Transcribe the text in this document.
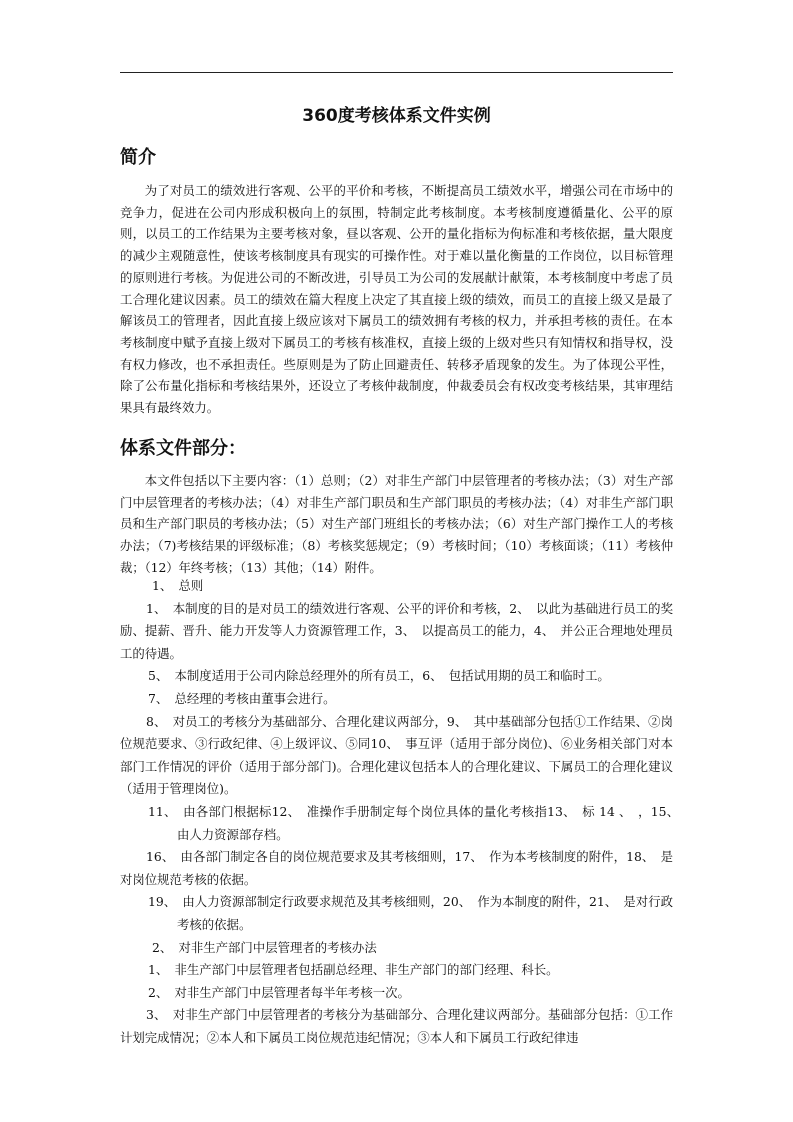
360度考核体系文件实例
简介

为了对员工的绩效进行客观、公平的平价和考核，不断提高员工绩效水平，增强公司在市场中的竞争力，促进在公司内形成积极向上的氛围，特制定此考核制度。本考核制度遵循量化、公平的原则，以员工的工作结果为主要考核对象，昼以客观、公开的量化指标为佝标准和考核依据，量大限度的减少主观随意性，使该考核制度具有现实的可操作性。对于难以量化衡量的工作岗位，以目标管理的原则进行考核。为促进公司的不断改进，引导员工为公司的发展献计献策，本考核制度中考虑了员工合理化建议因素。员工的绩效在篇大程度上决定了其直接上级的绩效，而员工的直接上级又是最了解该员工的管理者，因此直接上级应该对下属员工的绩效拥有考核的权力，并承担考核的责任。在本考核制度中赋予直接上级对下属员工的考核有核准权，直接上级的上级对些只有知情权和指导权，没有权力修改，也不承担责任。些原则是为了防止回避责任、转移矛盾现象的发生。为了体现公平性，除了公布量化指标和考核结果外，还设立了考核仲裁制度，仲裁委员会有权改变考核结果，其审理结果具有最终效力。

体系文件部分：

本文件包括以下主要内容：（1）总则；（2）对非生产部门中层管理者的考核办法；（3）对生产部门中层管理者的考核办法；（4）对非生产部门职员和生产部门职员的考核办法；（4）对非生产部门职员和生产部门职员的考核办法；（5）对生产部门班组长的考核办法；（6）对生产部门操作工人的考核办法；（7)考核结果的评级标准；（8）考核奖惩规定；（9）考核时间；（10）考核面谈；（11）考核仲裁；（12）年终考核；（13）其他；（14）附件。

1、　总则
1、　本制度的目的是对员工的绩效进行客观、公平的评价和考核，2、　以此为基础进行员工的奖励、提薪、晋升、能力开发等人力资源管理工作，3、　以提高员工的能力，4、　并公正合理地处理员工的待遇。
5、　本制度适用于公司内除总经理外的所有员工，6、　包括试用期的员工和临时工。
7、　总经理的考核由董事会进行。
8、　对员工的考核分为基础部分、合理化建议两部分，9、　其中基础部分包括①工作结果、②岗位规范要求、③行政纪律、④上级评议、⑤同10、　事互评（适用于部分岗位)、⑥业务相关部门对本部门工作情况的评价（适用于部分部门)。合理化建议包括本人的合理化建议、下属员工的合理化建议（适用于管理岗位)。
11、　由各部门根据标12、　准操作手册制定每个岗位具体的量化考核指13、　标 14 、　，15、　由人力资源部存档。
16、　由各部门制定各自的岗位规范要求及其考核细则，17、　作为本考核制度的附件，18、　是对岗位规范考核的依据。
19、　由人力资源部制定行政要求规范及其考核细则，20、　作为本制度的附件，21、　是对行政考核的依据。
2、　对非生产部门中层管理者的考核办法
1、　非生产部门中层管理者包括副总经理、非生产部门的部门经理、科长。
2、　对非生产部门中层管理者每半年考核一次。
3、　对非生产部门中层管理者的考核分为基础部分、合理化建议两部分。基础部分包括：①工作计划完成情况；②本人和下属员工岗位规范违纪情况；③本人和下属员工行政纪律违
